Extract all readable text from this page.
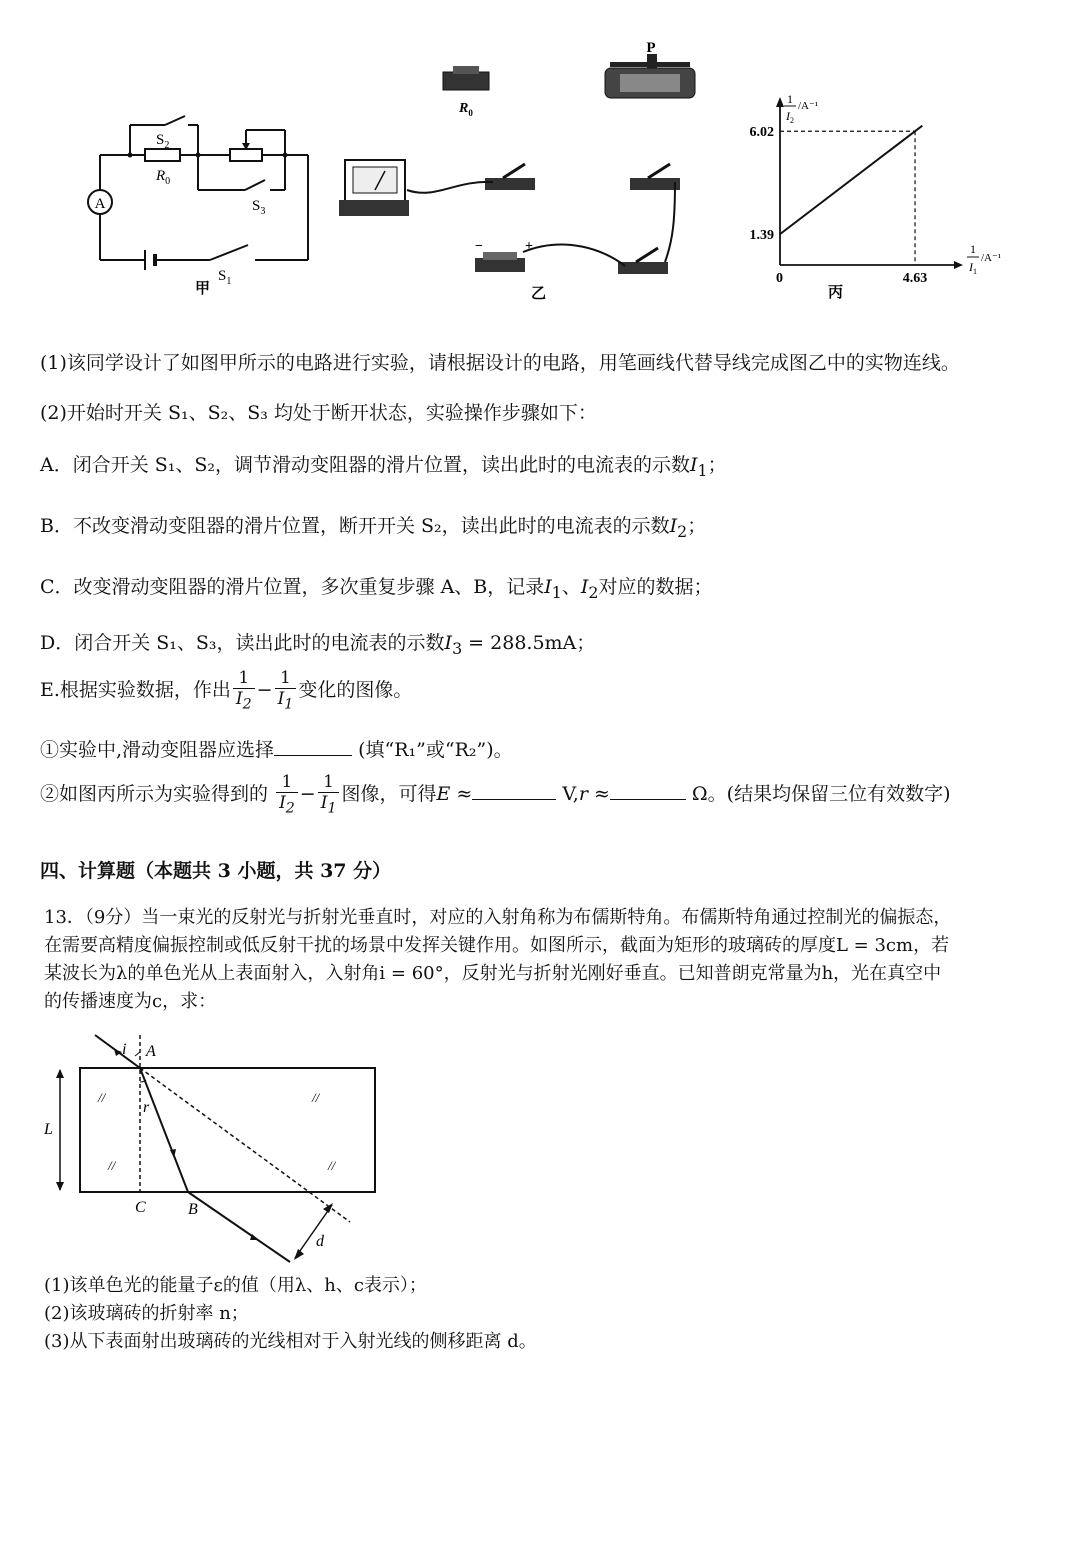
A
$S_2$
$R_0$
$S_3$
$S_1$
甲
$R_0$
P
−	+
乙
1
$I_2$
/A⁻¹
1
$I_1$
/A⁻¹
0
6.02
1.39
4.63
丙
(1)该同学设计了如图甲所示的电路进行实验，请根据设计的电路，用笔画线代替导线完成图乙中的实物连线。
(2)开始时开关 S₁、S₂、S₃ 均处于断开状态，实验操作步骤如下：
A．闭合开关 S₁、S₂，调节滑动变阻器的滑片位置，读出此时的电流表的示数$I_1$；
B．不改变滑动变阻器的滑片位置，断开开关 S₂，读出此时的电流表的示数$I_2$；
C．改变滑动变阻器的滑片位置，多次重复步骤 A、B，记录$I_1$、$I_2$对应的数据；
D．闭合开关 S₁、S₃，读出此时的电流表的示数$I_3 = 288.5mA$；
E.根据实验数据，作出 $\frac{1}{I_2} - \frac{1}{I_1}$ 变化的图像。
①实验中,滑动变阻器应选择	(填“R₁”或“R₂”)。
②如图丙所示为实验得到的 $\frac{1}{I_2} - \frac{1}{I_1}$ 图像，可得E ≈	V,r ≈	Ω。(结果均保留三位有效数字)
四、计算题（本题共 3 小题，共 37 分）
13．（9分）当一束光的反射光与折射光垂直时，对应的入射角称为布儒斯特角。布儒斯特角通过控制光的偏振态，
在需要高精度偏振控制或低反射干扰的场景中发挥关键作用。如图所示，截面为矩形的玻璃砖的厚度L = 3cm，若
某波长为λ的单色光从上表面射入，入射角i = 60°，反射光与折射光刚好垂直。已知普朗克常量为h，光在真空中
的传播速度为c，求：
i A
r
L
C	B
d
//	//
//	//
(1)该单色光的能量子ε的值（用λ、h、c表示）；
(2)该玻璃砖的折射率 n；
(3)从下表面射出玻璃砖的光线相对于入射光线的侧移距离 d。
